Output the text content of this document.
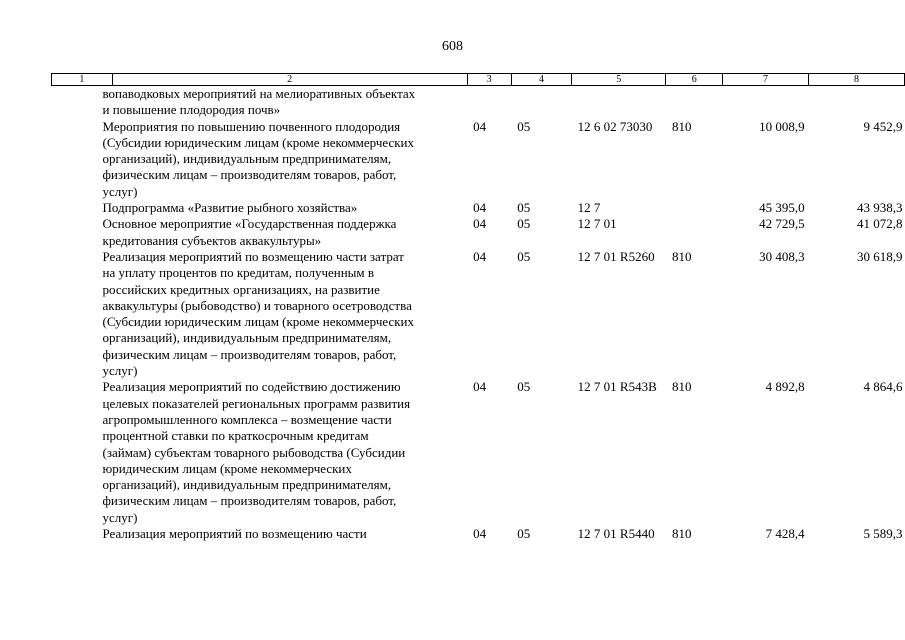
608
1	2	3	4	5	6	7	8

вопаводковых мероприятий на мелиоративных объектах и повышение плодородия почв»							

Мероприятия по повышению почвенного плодородия (Субсидии юридическим лицам (кроме некоммерческих организаций), индивидуальным предпринимателям, физическим лицам – производителям товаров, работ, услуг)		04	05	12 6 02 73030	810	10 008,9	9 452,9

Подпрограмма «Развитие рыбного хозяйства»		04	05	12 7		45 395,0	43 938,3

Основное мероприятие «Государственная поддержка кредитования субъектов аквакультуры»		04	05	12 7 01		42 729,5	41 072,8

Реализация мероприятий по возмещению части затрат на уплату процентов по кредитам, полученным в российских кредитных организациях, на развитие аквакультуры (рыбоводство) и товарного осетроводства (Субсидии юридическим лицам (кроме некоммерческих организаций), индивидуальным предпринимателям, физическим лицам – производителям товаров, работ, услуг)		04	05	12 7 01 R5260	810	30 408,3	30 618,9

Реализация мероприятий по содействию достижению целевых показателей региональных программ развития агропромышленного комплекса – возмещение части процентной ставки по краткосрочным кредитам (займам) субъектам товарного рыбоводства (Субсидии юридическим лицам (кроме некоммерческих организаций), индивидуальным предпринимателям, физическим лицам – производителям товаров, работ, услуг)		04	05	12 7 01 R543В	810	4 892,8	4 864,6

Реализация мероприятий по возмещению части		04	05	12 7 01 R5440	810	7 428,4	5 589,3
